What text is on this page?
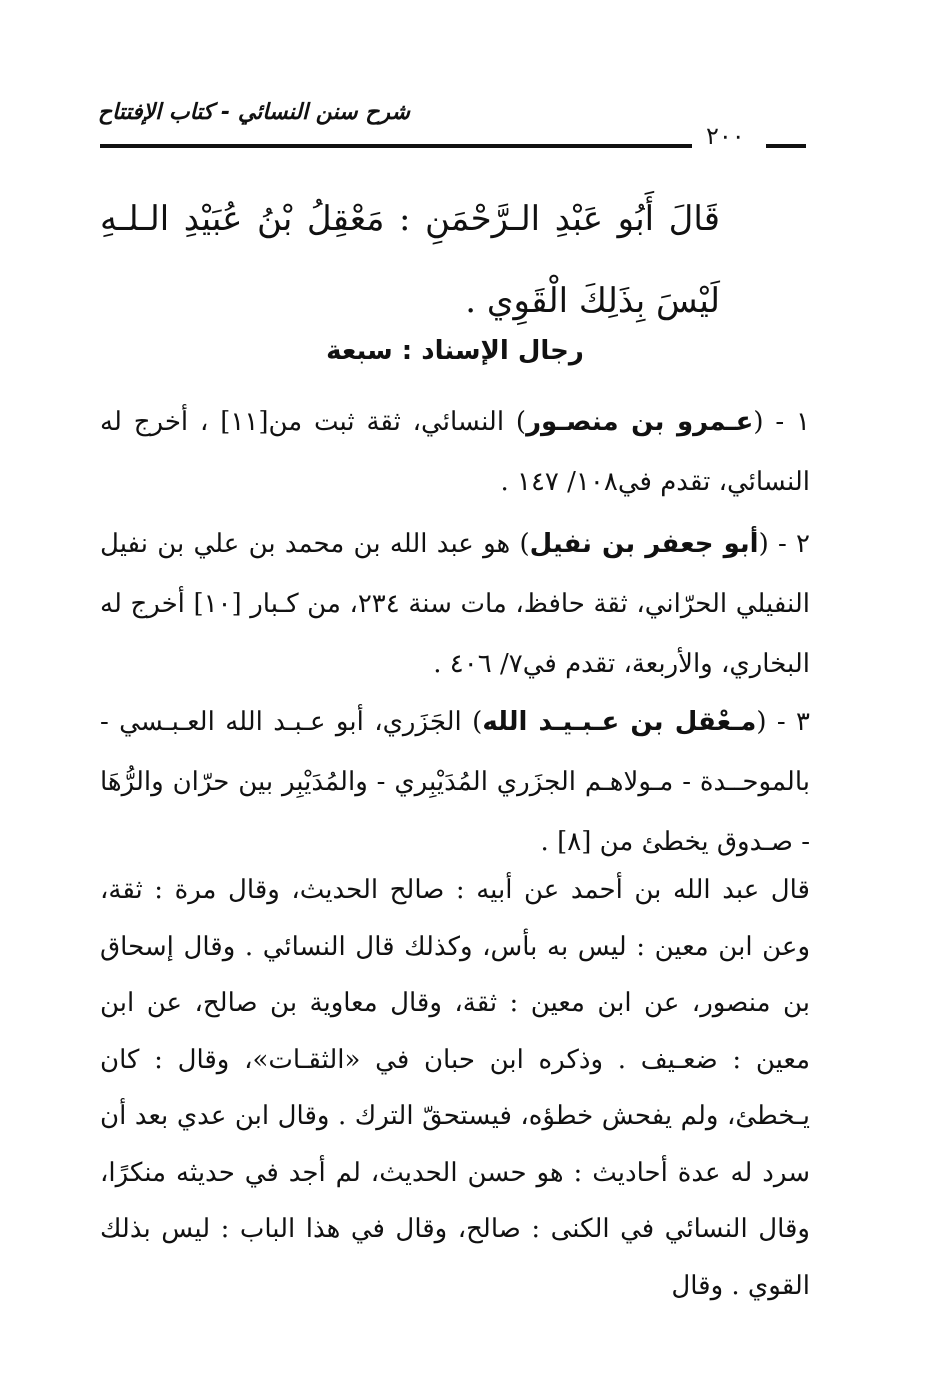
شرح سنن النسائي - كتاب الإفتتاح
٢٠٠
قَالَ أَبُو عَبْدِ الـرَّحْمَنِ : مَعْقِلُ بْنُ عُبَيْدِ الـلـهِ لَيْسَ بِذَلِكَ الْقَوِي .
رجال الإسناد : سبعة
١ - (عـمرو بن منصـور) النسائي، ثقة ثبت من[١١] ، أخرج له النسائي، تقدم في١٠٨/ ١٤٧ .
٢ - (أبو جعفر بن نفيل) هو عبد الله بن محمد بن علي بن نفيل النفيلي الحرّاني، ثقة حافظ، مات سنة ٢٣٤، من كـبار [١٠] أخرج له البخاري، والأربعة، تقدم في٧/ ٤٠٦ .
٣ - (مـعْقل بن عـبـيـد الله) الجَزَري، أبو عـبـد الله العـبـسي - بالموحــدة - مـولاهـم الجزَري المُدَيْبِري - والمُدَيْبِر بين حرّان والرُّهَا - صـدوق يخطئ من [٨] .
قال عبد الله بن أحمد عن أبيه : صالح الحديث، وقال مرة : ثقة، وعن ابن معين : ليس به بأس، وكذلك قال النسائي . وقال إسحاق بن منصور، عن ابن معين : ثقة، وقال معاوية بن صالح، عن ابن معين : ضعـيف . وذكره ابن حبان في «الثقـات»، وقال : كان يـخطئ، ولم يفحش خطؤه، فيستحقّ الترك . وقال ابن عدي بعد أن سرد له عدة أحاديث : هو حسن الحديث، لم أجد في حديثه منكرًا، وقال النسائي في الكنى : صالح، وقال في هذا الباب : ليس بذلك القوي . وقال
